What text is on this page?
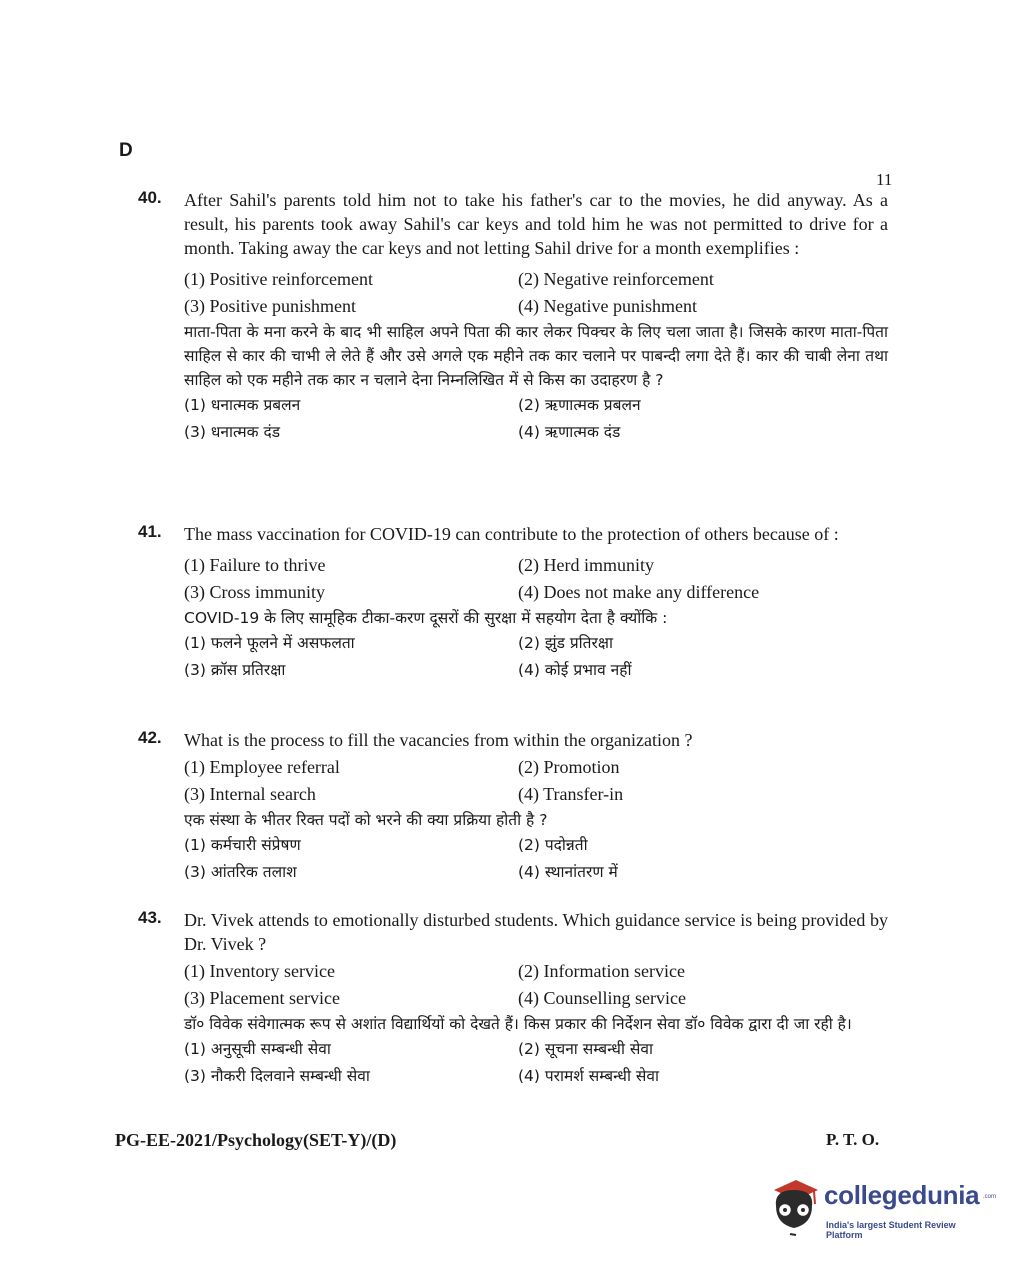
D
11
40. After Sahil's parents told him not to take his father's car to the movies, he did anyway. As a result, his parents took away Sahil's car keys and told him he was not permitted to drive for a month. Taking away the car keys and not letting Sahil drive for a month exemplifies :
(1) Positive reinforcement	(2) Negative reinforcement
(3) Positive punishment	(4) Negative punishment
माता-पिता के मना करने के बाद भी साहिल अपने पिता की कार लेकर पिक्चर के लिए चला जाता है। जिसके कारण माता-पिता साहिल से कार की चाभी ले लेते हैं और उसे अगले एक महीने तक कार चलाने पर पाबन्दी लगा देते हैं। कार की चाबी लेना तथा साहिल को एक महीने तक कार न चलाने देना निम्नलिखित में से किस का उदाहरण है ?
(1) धनात्मक प्रबलन	(2) ऋणात्मक प्रबलन
(3) धनात्मक दंड	(4) ऋणात्मक दंड
41. The mass vaccination for COVID-19 can contribute to the protection of others because of :
(1) Failure to thrive	(2) Herd immunity
(3) Cross immunity	(4) Does not make any difference
COVID-19 के लिए सामूहिक टीका-करण दूसरों की सुरक्षा में सहयोग देता है क्योंकि :
(1) फलने फूलने में असफलता	(2) झुंड प्रतिरक्षा
(3) क्रॉस प्रतिरक्षा	(4) कोई प्रभाव नहीं
42. What is the process to fill the vacancies from within the organization ?
(1) Employee referral	(2) Promotion
(3) Internal search	(4) Transfer-in
एक संस्था के भीतर रिक्त पदों को भरने की क्या प्रक्रिया होती है ?
(1) कर्मचारी संप्रेषण	(2) पदोन्नती
(3) आंतरिक तलाश	(4) स्थानांतरण में
43. Dr. Vivek attends to emotionally disturbed students. Which guidance service is being provided by Dr. Vivek ?
(1) Inventory service	(2) Information service
(3) Placement service	(4) Counselling service
डॉ० विवेक संवेगात्मक रूप से अशांत विद्यार्थियों को देखते हैं। किस प्रकार की निर्देशन सेवा डॉ० विवेक द्वारा दी जा रही है।
(1) अनुसूची सम्बन्धी सेवा	(2) सूचना सम्बन्धी सेवा
(3) नौकरी दिलवाने सम्बन्धी सेवा	(4) परामर्श सम्बन्धी सेवा
PG-EE-2021/Psychology(SET-Y)/(D)	P. T. O.
collegedunia .com
India's largest Student Review Platform
